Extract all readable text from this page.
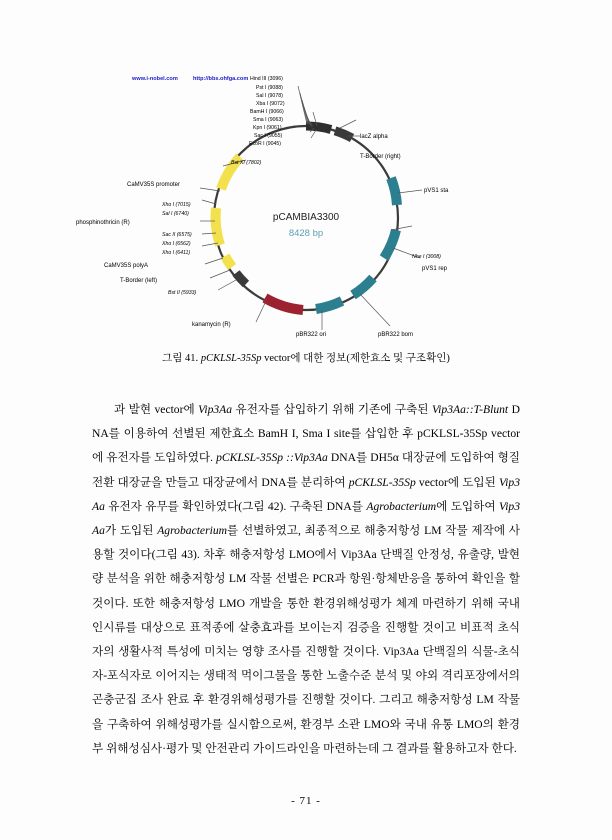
www.i-nobel.com	http://bbs.ohfga.com Hind III (3096)
Pst I (9088)
Sal I (9078)
Xba I (9072)
BamH I (9066)
Sma I (9063)
Kpn I (9061)
Sac I (9055)
EcoR I (9045)
lacZ alpha
T-Border (right)
Bst XI (7802)
CaMV35S promoter
Xho I (7015)
Sal I (6740)
phosphinothricin (R)
Sac II (6575)
Xho I (6562)
Xho I (6411)
CaMV35S polyA
T-Border (left)
Bst II (5933)
kanamycin (R)
pBR322 ori	pBR322 bom
pVS1 sta
pVS1 rep
Nhe I (3008)
pCAMBIA3300
8428 bp
그림 41. pCKLSL-35Sp vector에 대한 정보(제한효소 및 구조확인)

과 발현 vector에 Vip3Aa 유전자를 삽입하기 위해 기존에 구축된 Vip3Aa::T-Blunt DNA를 이용하여 선별된 제한효소 BamH I, Sma I site를 삽입한 후 pCKLSL-35Sp vector에 유전자를 도입하였다. pCKLSL-35Sp ::Vip3Aa DNA를 DH5α 대장균에 도입하여 형질전환 대장균을 만들고 대장균에서 DNA를 분리하여 pCKLSL-35Sp vector에 도입된 Vip3Aa 유전자 유무를 확인하였다(그림 42). 구축된 DNA를 Agrobacterium에 도입하여 Vip3Aa가 도입된 Agrobacterium를 선별하였고, 최종적으로 해충저항성 LM 작물 제작에 사용할 것이다(그림 43). 차후 해충저항성 LMO에서 Vip3Aa 단백질 안정성, 유출량, 발현량 분석을 위한 해충저항성 LM 작물 선별은 PCR과 항원·항체반응을 통하여 확인을 할 것이다. 또한 해충저항성 LMO 개발을 통한 환경위해성평가 체계 마련하기 위해 국내 인시류를 대상으로 표적종에 살충효과를 보이는지 검증을 진행할 것이고 비표적 초식자의 생활사적 특성에 미치는 영향 조사를 진행할 것이다. Vip3Aa 단백질의 식물-초식자-포식자로 이어지는 생태적 먹이그물을 통한 노출수준 분석 및 야외 격리포장에서의 곤충군집 조사 완료 후 환경위해성평가를 진행할 것이다. 그리고 해충저항성 LM 작물을 구축하여 위해성평가를 실시함으로써, 환경부 소관 LMO와 국내 유통 LMO의 환경부 위해성심사·평가 및 안전관리 가이드라인을 마련하는데 그 결과를 활용하고자 한다.

- 71 -
